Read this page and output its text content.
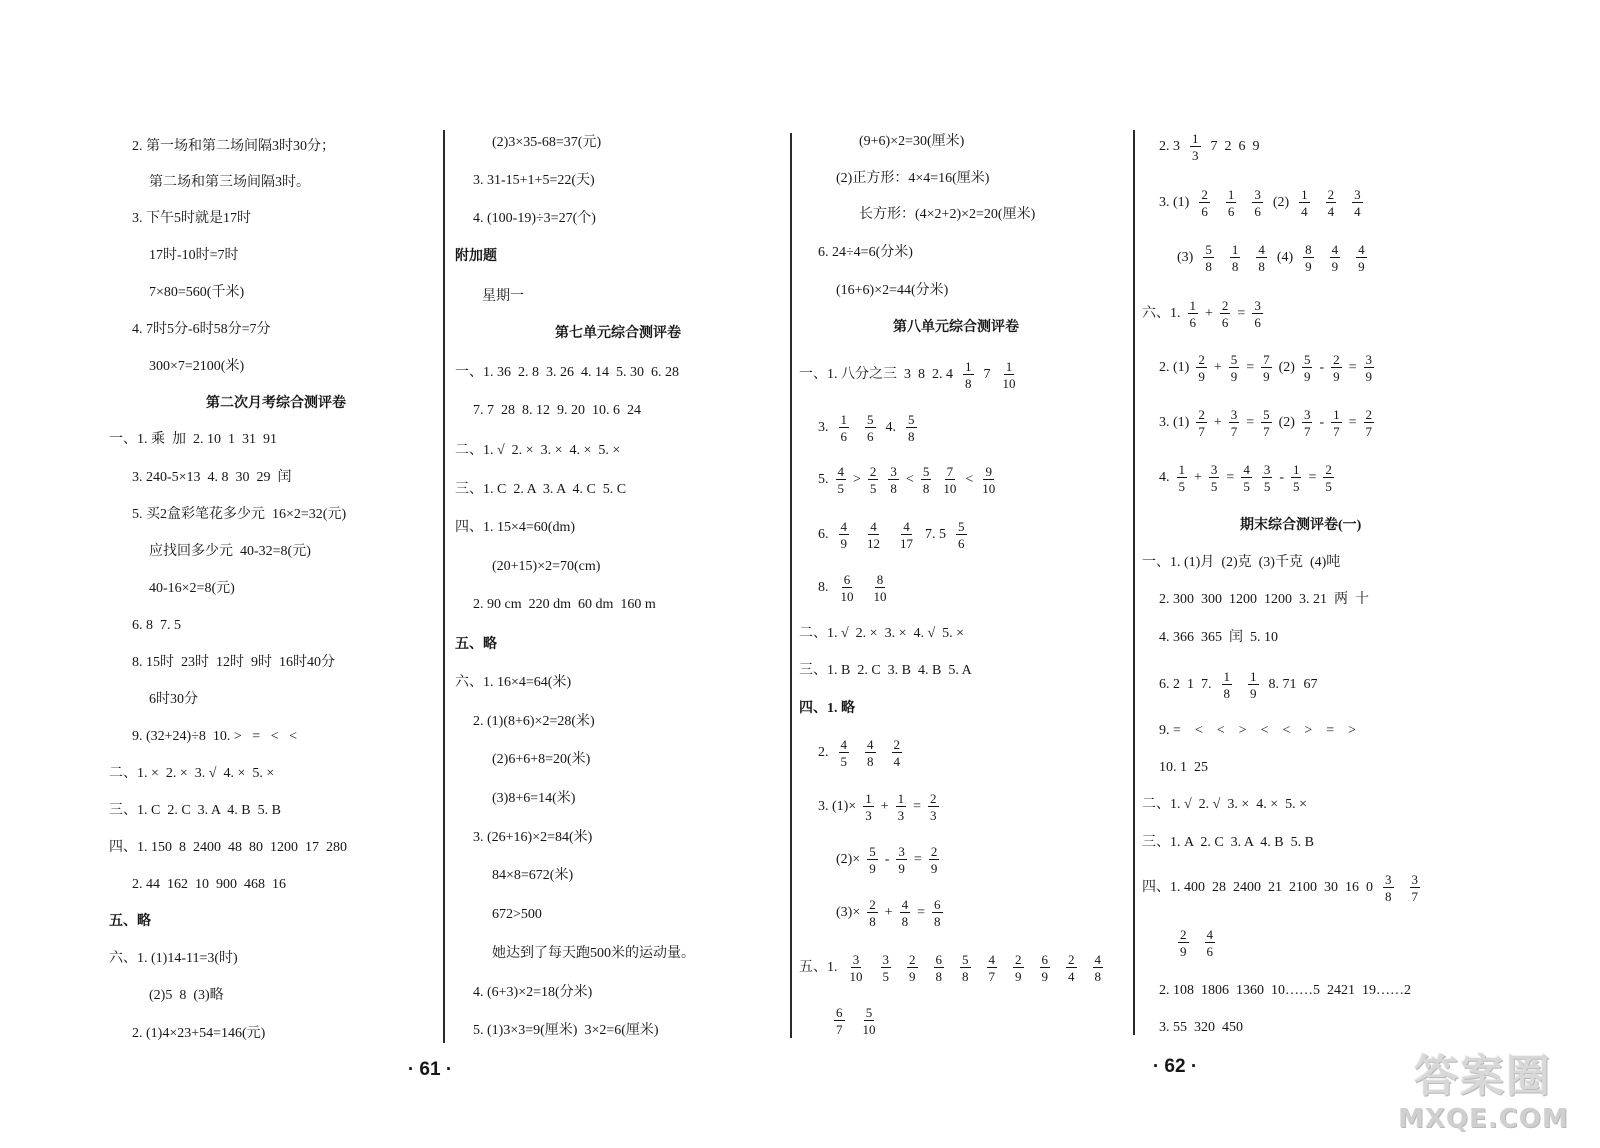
2. 第一场和第二场间隔3时30分；
第二场和第三场间隔3时。
3. 下午5时就是17时
17时-10时=7时
7×80=560(千米)
4. 7时5分-6时58分=7分
300×7=2100(米)
第二次月考综合测评卷
一、1. 乘  加  2. 10  1  31  91
3. 240-5×13  4. 8  30  29  闰
5. 买2盒彩笔花多少元  16×2=32(元)
应找回多少元  40-32=8(元)
40-16×2=8(元)
6. 8  7. 5
8. 15时  23时  12时  9时  16时40分
6时30分
9. (32+24)÷8  10. >   =   <   <
二、1. ×  2. ×  3. √  4. ×  5. ×
三、1. C  2. C  3. A  4. B  5. B
四、1. 150  8  2400  48  80  1200  17  280
2. 44  162  10  900  468  16
五、略
六、1. (1)14-11=3(时)
(2)5  8  (3)略
2. (1)4×23+54=146(元)
(2)3×35-68=37(元)
3. 31-15+1+5=22(天)
4. (100-19)÷3=27(个)
附加题
星期一
第七单元综合测评卷
一、1. 36  2. 8  3. 26  4. 14  5. 30  6. 28
7. 7  28  8. 12  9. 20  10. 6  24
二、1. √  2. ×  3. ×  4. ×  5. ×
三、1. C  2. A  3. A  4. C  5. C
四、1. 15×4=60(dm)
(20+15)×2=70(cm)
2. 90 cm  220 dm  60 dm  160 m
五、略
六、1. 16×4=64(米)
2. (1)(8+6)×2=28(米)
(2)6+6+8=20(米)
(3)8+6=14(米)
3. (26+16)×2=84(米)
84×8=672(米)
672>500
她达到了每天跑500米的运动量。
4. (6+3)×2=18(分米)
5. (1)3×3=9(厘米)  3×2=6(厘米)
(9+6)×2=30(厘米)
(2)正方形：4×4=16(厘米)
长方形：(4×2+2)×2=20(厘米)
6. 24÷4=6(分米)
(16+6)×2=44(分米)
第八单元综合测评卷
一、1. 八分之三  3  8  2. $4 \frac{1}{8} 7 \frac{1}{10}$
3. $\frac{1}{6} \frac{5}{6} 4$. $\frac{5}{8}$
5. $\frac{4}{5} > \frac{2}{5} \frac{3}{8} < \frac{5}{8} \frac{7}{10} < \frac{9}{10}$
6. $\frac{4}{9} \frac{4}{12} \frac{4}{17} 7$. $5 \frac{5}{6}$
8. $\frac{6}{10} \frac{8}{10}$
二、1. √  2. ×  3. ×  4. √  5. ×
三、1. B  2. C  3. B  4. B  5. A
四、1. 略
2. $\frac{4}{5} \frac{4}{8} \frac{2}{4}$
3. $(1)\times \frac{1}{3} + \frac{1}{3} = \frac{2}{3}$
$(2)\times \frac{5}{9} - \frac{3}{9} = \frac{2}{9}$
$(3)\times \frac{2}{8} + \frac{4}{8} = \frac{6}{8}$
五、1. $\frac{3}{10} \frac{3}{5} \frac{2}{9} \frac{6}{8} \frac{5}{8} \frac{4}{7} \frac{2}{9} \frac{6}{9} \frac{2}{4} \frac{4}{8}$
$\frac{6}{7} \frac{5}{10}$
2. $3 \frac{1}{3} 7$  2  6  9
3. $(1) \frac{2}{6} \frac{1}{6} \frac{3}{6} (2) \frac{1}{4} \frac{2}{4} \frac{3}{4}$
$(3) \frac{5}{8} \frac{1}{8} \frac{4}{8} (4) \frac{8}{9} \frac{4}{9} \frac{4}{9}$
六、1. $\frac{1}{6} + \frac{2}{6} = \frac{3}{6}$
2. $(1) \frac{2}{9} + \frac{5}{9} = \frac{7}{9} (2) \frac{5}{9} - \frac{2}{9} = \frac{3}{9}$
3. $(1) \frac{2}{7} + \frac{3}{7} = \frac{5}{7} (2) \frac{3}{7} - \frac{1}{7} = \frac{2}{7}$
4. $\frac{1}{5} + \frac{3}{5} = \frac{4}{5} \frac{3}{5} - \frac{1}{5} = \frac{2}{5}$
期末综合测评卷(一)
一、1. (1)月  (2)克  (3)千克  (4)吨
2. 300  300  1200  1200  3. 21  两  十
4. 366  365  闰  5. 10
6. 2  1  7. $\frac{1}{8} \frac{1}{9} 8$. 71  67
9. =    <    <    >    <    <    >    =    >
10. 1  25
二、1. √  2. √  3. ×  4. ×  5. ×
三、1. A  2. C  3. A  4. B  5. B
四、1. 400  28  2400  21  2100  30  16  $0 \frac{3}{8} \frac{3}{7}$
$\frac{2}{9} \frac{4}{6}$
2. 108  1806  1360  10……5  2421  19……2
3. 55  320  450
· 61 ·	· 62 ·	答案圈
MXQE.COM
